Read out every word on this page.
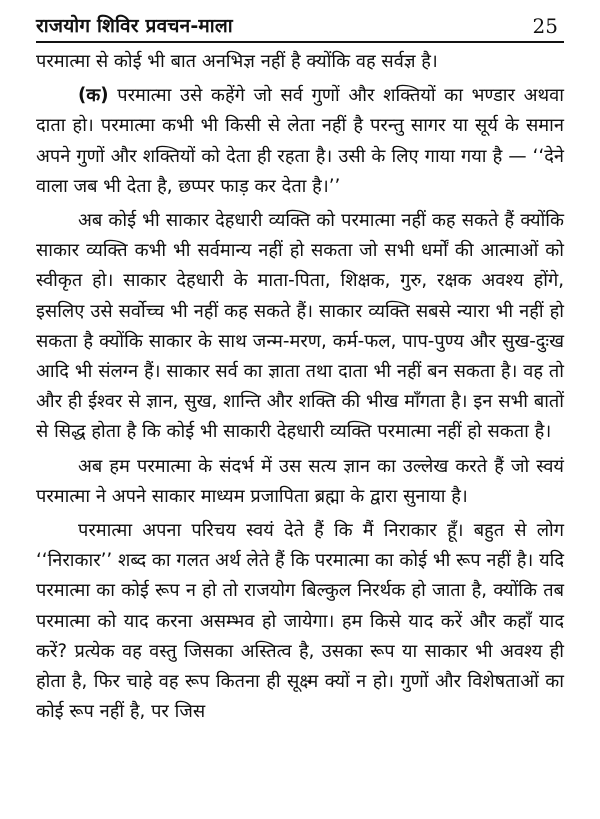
राजयोग शिविर प्रवचन-माला	25

परमात्मा से कोई भी बात अनभिज्ञ नहीं है क्योंकि वह सर्वज्ञ है।

(क) परमात्मा उसे कहेंगे जो सर्व गुणों और शक्तियों का भण्डार अथवा दाता हो। परमात्मा कभी भी किसी से लेता नहीं है परन्तु सागर या सूर्य के समान अपने गुणों और शक्तियों को देता ही रहता है। उसी के लिए गाया गया है — ‘‘देने वाला जब भी देता है, छप्पर फाड़ कर देता है।’’

अब कोई भी साकार देहधारी व्यक्ति को परमात्मा नहीं कह सकते हैं क्योंकि साकार व्यक्ति कभी भी सर्वमान्य नहीं हो सकता जो सभी धर्मों की आत्माओं को स्वीकृत हो। साकार देहधारी के माता-पिता, शिक्षक, गुरु, रक्षक अवश्य होंगे, इसलिए उसे सर्वोच्च भी नहीं कह सकते हैं। साकार व्यक्ति सबसे न्यारा भी नहीं हो सकता है क्योंकि साकार के साथ जन्म-मरण, कर्म-फल, पाप-पुण्य और सुख-दुःख आदि भी संलग्न हैं। साकार सर्व का ज्ञाता तथा दाता भी नहीं बन सकता है। वह तो और ही ईश्वर से ज्ञान, सुख, शान्ति और शक्ति की भीख माँगता है। इन सभी बातों से सिद्ध होता है कि कोई भी साकारी देहधारी व्यक्ति परमात्मा नहीं हो सकता है।

अब हम परमात्मा के संदर्भ में उस सत्य ज्ञान का उल्लेख करते हैं जो स्वयं परमात्मा ने अपने साकार माध्यम प्रजापिता ब्रह्मा के द्वारा सुनाया है।

परमात्मा अपना परिचय स्वयं देते हैं कि मैं निराकार हूँ। बहुत से लोग ‘‘निराकार’’ शब्द का गलत अर्थ लेते हैं कि परमात्मा का कोई भी रूप नहीं है। यदि परमात्मा का कोई रूप न हो तो राजयोग बिल्कुल निरर्थक हो जाता है, क्योंकि तब परमात्मा को याद करना असम्भव हो जायेगा। हम किसे याद करें और कहाँ याद करें? प्रत्येक वह वस्तु जिसका अस्तित्व है, उसका रूप या साकार भी अवश्य ही होता है, फिर चाहे वह रूप कितना ही सूक्ष्म क्यों न हो। गुणों और विशेषताओं का कोई रूप नहीं है, पर जिस
